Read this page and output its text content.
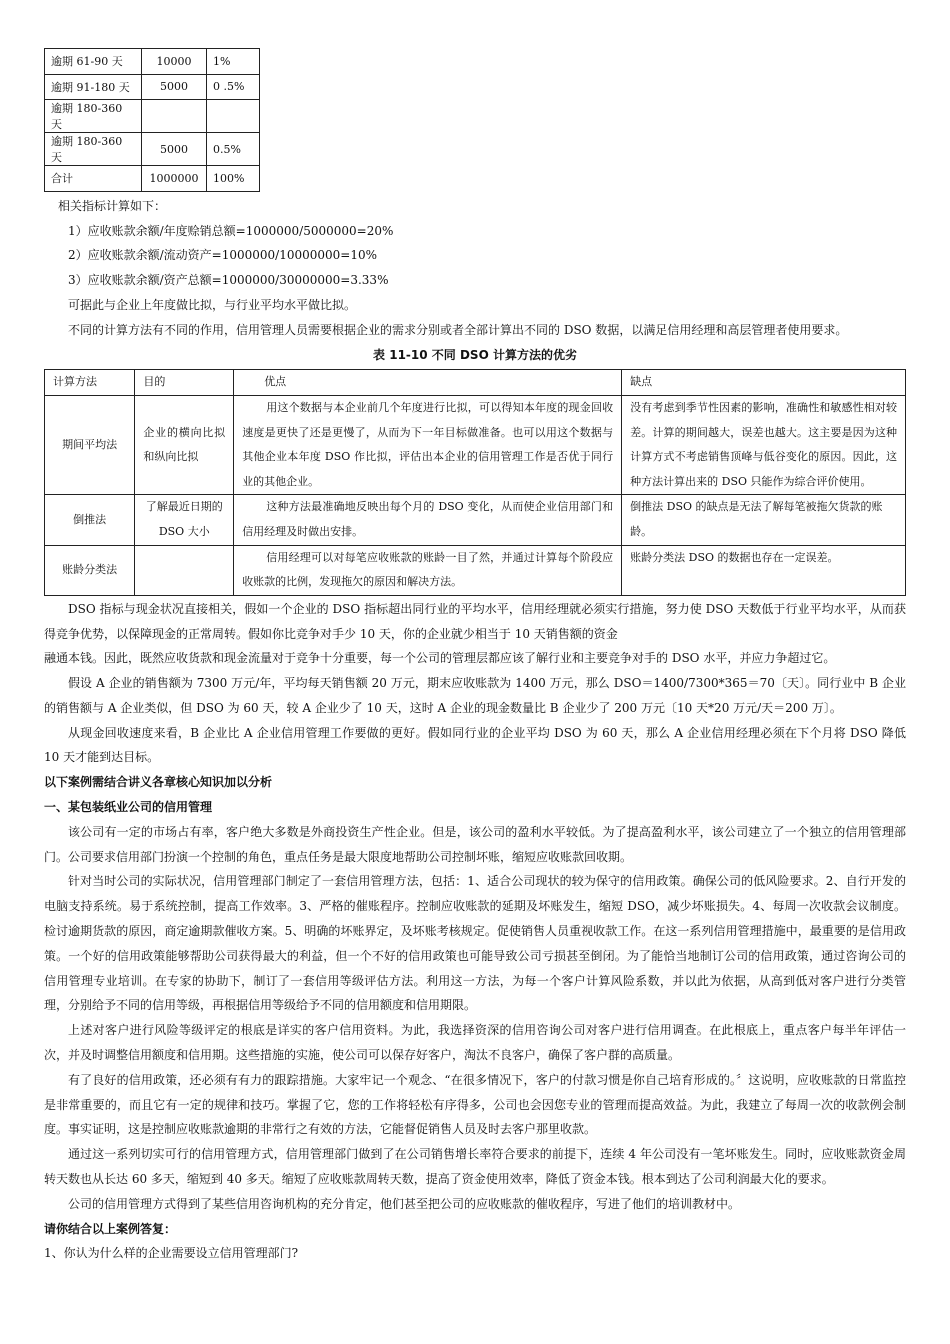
逾期 61-90 天	10000	1%
逾期 91-180 天	5000	0 .5%
逾期 180-360 天		
逾期 180-360 天	5000	0.5%
合计	1000000	100%

相关指标计算如下：

1）应收账款余额/年度赊销总额=1000000/5000000=20%

2）应收账款余额/流动资产=1000000/10000000=10%

3）应收账款余额/资产总额=1000000/30000000=3.33%

可据此与企业上年度做比拟，与行业平均水平做比拟。

不同的计算方法有不同的作用，信用管理人员需要根据企业的需求分别或者全部计算出不同的 DSO 数据，以满足信用经理和高层管理者使用要求。

表 11-10 不同 DSO 计算方法的优劣

计算方法	目的	优点	缺点
期间平均法	企业的横向比拟和纵向比拟	用这个数据与本企业前几个年度进行比拟，可以得知本年度的现金回收速度是更快了还是更慢了，从而为下一年目标做准备。也可以用这个数据与其他企业本年度 DSO 作比拟，评估出本企业的信用管理工作是否优于同行业的其他企业。	没有考虑到季节性因素的影响，准确性和敏感性相对较差。计算的期间越大，误差也越大。这主要是因为这种计算方式不考虑销售顶峰与低谷变化的原因。因此，这种方法计算出来的 DSO 只能作为综合评价使用。
倒推法	了解最近日期的 DSO 大小	这种方法最准确地反映出每个月的 DSO 变化，从而使企业信用部门和信用经理及时做出安排。	倒推法 DSO 的缺点是无法了解每笔被拖欠货款的账龄。
账龄分类法		信用经理可以对每笔应收账款的账龄一目了然，并通过计算每个阶段应收账款的比例，发现拖欠的原因和解决方法。	账龄分类法 DSO 的数据也存在一定误差。

DSO 指标与现金状况直接相关，假如一个企业的 DSO 指标超出同行业的平均水平，信用经理就必须实行措施，努力使 DSO 天数低于行业平均水平，从而获得竞争优势，以保障现金的正常周转。假如你比竞争对手少 10 天，你的企业就少相当于 10 天销售额的资金

融通本钱。因此，既然应收货款和现金流量对于竞争十分重要，每一个公司的管理层都应该了解行业和主要竞争对手的 DSO 水平，并应力争超过它。

假设 A 企业的销售额为 7300 万元/年，平均每天销售额 20 万元，期末应收账款为 1400 万元，那么 DSO＝1400/7300*365＝70〔天〕。同行业中 B 企业的销售额与 A 企业类似，但 DSO 为 60 天，较 A 企业少了 10 天，这时 A 企业的现金数量比 B 企业少了 200 万元〔10 天*20 万元/天＝200 万〕。

从现金回收速度来看，B 企业比 A 企业信用管理工作要做的更好。假如同行业的企业平均 DSO 为 60 天，那么 A 企业信用经理必须在下个月将 DSO 降低 10 天才能到达目标。

以下案例需结合讲义各章核心知识加以分析

一、某包装纸业公司的信用管理

该公司有一定的市场占有率，客户绝大多数是外商投资生产性企业。但是，该公司的盈利水平较低。为了提高盈利水平，该公司建立了一个独立的信用管理部门。公司要求信用部门扮演一个控制的角色，重点任务是最大限度地帮助公司控制坏账，缩短应收账款回收期。

针对当时公司的实际状况，信用管理部门制定了一套信用管理方法，包括：1、适合公司现状的较为保守的信用政策。确保公司的低风险要求。2、自行开发的电脑支持系统。易于系统控制，提高工作效率。3、严格的催账程序。控制应收账款的延期及坏账发生，缩短 DSO，减少坏账损失。4、每周一次收款会议制度。检讨逾期货款的原因，商定逾期款催收方案。5、明确的坏账界定，及坏账考核规定。促使销售人员重视收款工作。在这一系列信用管理措施中，最重要的是信用政策。一个好的信用政策能够帮助公司获得最大的利益，但一个不好的信用政策也可能导致公司亏损甚至倒闭。为了能恰当地制订公司的信用政策，通过咨询公司的信用管理专业培训。在专家的协助下，制订了一套信用等级评估方法。利用这一方法，为每一个客户计算风险系数，并以此为依据，从高到低对客户进行分类管理，分别给予不同的信用等级，再根据信用等级给予不同的信用额度和信用期限。

上述对客户进行风险等级评定的根底是详实的客户信用资料。为此，我选择资深的信用咨询公司对客户进行信用调查。在此根底上，重点客户每半年评估一次，并及时调整信用额度和信用期。这些措施的实施，使公司可以保存好客户，淘汰不良客户，确保了客户群的高质量。

有了良好的信用政策，还必须有有力的跟踪措施。大家牢记一个观念、“在很多情况下，客户的付款习惯是你自己培育形成的。〞这说明，应收账款的日常监控是非常重要的，而且它有一定的规律和技巧。掌握了它，您的工作将轻松有序得多，公司也会因您专业的管理而提高效益。为此，我建立了每周一次的收款例会制度。事实证明，这是控制应收账款逾期的非常行之有效的方法，它能督促销售人员及时去客户那里收款。

通过这一系列切实可行的信用管理方式，信用管理部门做到了在公司销售增长率符合要求的前提下，连续 4 年公司没有一笔坏账发生。同时，应收账款资金周转天数也从长达 60 多天，缩短到 40 多天。缩短了应收账款周转天数，提高了资金使用效率，降低了资金本钱。根本到达了公司利润最大化的要求。

公司的信用管理方式得到了某些信用咨询机构的充分肯定，他们甚至把公司的应收账款的催收程序，写进了他们的培训教材中。

请你结合以上案例答复：

1、你认为什么样的企业需要设立信用管理部门?
